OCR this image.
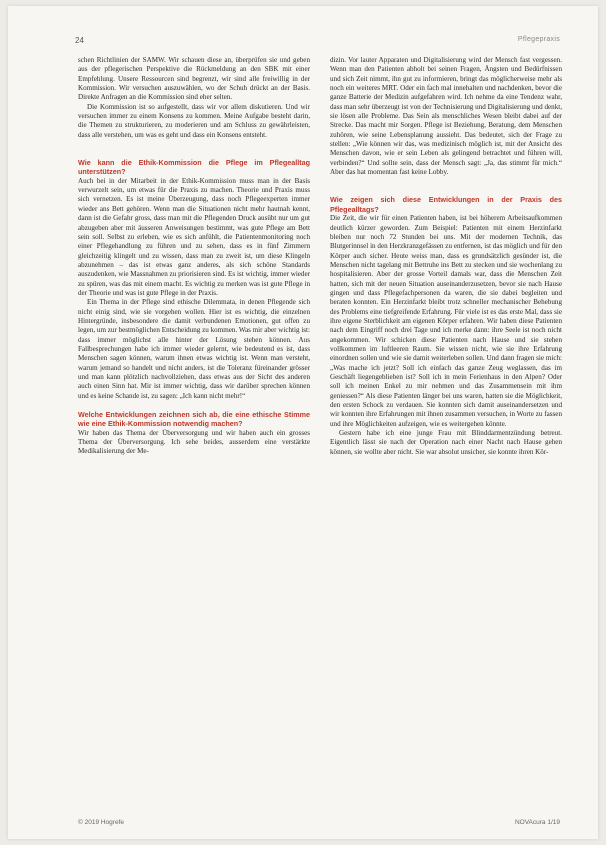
24	Pflegepraxis

schen Richtlinien der SAMW. Wir schauen diese an, überprüfen sie und geben aus der pflegerischen Perspektive die Rückmeldung an den SBK mit einer Empfehlung. Unsere Ressourcen sind begrenzt, wir sind alle freiwillig in der Kommission. Wir versuchen auszuwählen, wo der Schuh drückt an der Basis. Direkte Anfragen an die Kommission sind eher selten.

Die Kommission ist so aufgestellt, dass wir vor allem diskutieren. Und wir versuchen immer zu einem Konsens zu kommen. Meine Aufgabe besteht darin, die Themen zu strukturieren, zu moderieren und am Schluss zu gewährleisten, dass alle verstehen, um was es geht und dass ein Konsens entsteht.

Wie kann die Ethik-Kommission die Pflege im Pflegealltag unterstützen?

Auch bei in der Mitarbeit in der Ethik-Kommission muss man in der Basis verwurzelt sein, um etwas für die Praxis zu machen. Theorie und Praxis muss sich vernetzen. Es ist meine Überzeugung, dass noch Pflegeexperten immer wieder ans Bett gehören. Wenn man die Situationen nicht mehr hautnah kennt, dann ist die Gefahr gross, dass man mit die Pflegenden Druck ausübt nur um gut abzugeben aber mit äusseren Anweisungen bestimmt, was gute Pflege am Bett sein soll. Selbst zu erleben, wie es sich anfühlt, die Patientenmonitoring noch einer Pflegehandlung zu führen und zu sehen, dass es in fünf Zimmern gleichzeitig klingelt und zu wissen, dass man zu zweit ist, um diese Klingeln abzunehmen – das ist etwas ganz anderes, als sich schöne Standards auszudenken, wie Massnahmen zu priorisieren sind. Es ist wichtig, immer wieder zu spüren, was das mit einem macht. Es wichtig zu merken was ist gute Pflege in der Theorie und was ist gute Pflege in der Praxis.

Ein Thema in der Pflege sind ethische Dilemmata, in denen Pflegende sich nicht einig sind, wie sie vorgehen wollen. Hier ist es wichtig, die einzelnen Hintergründe, insbesondere die damit verbundenen Emotionen, gut offen zu legen, um zur bestmöglichen Entscheidung zu kommen. Was mir aber wichtig ist: dass immer möglichst alle hinter der Lösung stehen können. Aus Fallbesprechungen habe ich immer wieder gelernt, wie bedeutend es ist, dass Menschen sagen können, warum ihnen etwas wichtig ist. Wenn man versteht, warum jemand so handelt und nicht anders, ist die Toleranz füreinander grösser und man kann plötzlich nachvollziehen, dass etwas aus der Sicht des anderen auch einen Sinn hat. Mir ist immer wichtig, dass wir darüber sprechen können und es keine Schande ist, zu sagen: „Ich kann nicht mehr!“

Welche Entwicklungen zeichnen sich ab, die eine ethische Stimme wie eine Ethik-Kommission notwendig machen?

Wir haben das Thema der Überversorgung und wir haben auch ein grosses Thema der Überversorgung. Ich sehe beides, ausserdem eine verstärkte Medikalisierung der Me-

dizin. Vor lauter Apparaten und Digitalisierung wird der Mensch fast vergessen. Wenn man den Patienten abholt bei seinen Fragen, Ängsten und Bedürfnissen und sich Zeit nimmt, ihn gut zu informieren, bringt das möglicherweise mehr als noch ein weiteres MRT. Oder ein fach mal innehalten und nachdenken, bevor die ganze Batterie der Medizin aufgefahren wird. Ich nehme da eine Tendenz wahr, dass man sehr überzeugt ist von der Technisierung und Digitalisierung und denkt, sie lösen alle Probleme. Das Sein als menschliches Wesen bleibt dabei auf der Strecke. Das macht mir Sorgen. Pflege ist Beziehung, Beratung, dem Menschen zuhören, wie seine Lebensplanung aussieht. Das bedeutet, sich der Frage zu stellen: „Wie können wir das, was medizinisch möglich ist, mit der Ansicht des Menschen davon, wie er sein Leben als gelingend betrachtet und führen will, verbinden?“ Und sollte sein, dass der Mensch sagt: „Ja, das stimmt für mich.“ Aber das hat momentan fast keine Lobby.

Wie zeigen sich diese Entwicklungen in der Praxis des Pflegealltags?

Die Zeit, die wir für einen Patienten haben, ist bei höherem Arbeitsaufkommen deutlich kürzer geworden. Zum Beispiel: Patienten mit einem Herzinfarkt bleiben nur noch 72 Stunden bei uns. Mit der modernen Technik, das Blutgerinnsel in den Herzkranzgefässen zu entfernen, ist das möglich und für den Körper auch sicher. Heute weiss man, dass es grundsätzlich gesünder ist, die Menschen nicht tagelang mit Bettruhe ins Bett zu stecken und sie wochenlang zu hospitalisieren. Aber der grosse Vorteil damals war, dass die Menschen Zeit hatten, sich mit der neuen Situation auseinanderzusetzen, bevor sie nach Hause gingen und dass Pflegefachpersonen da waren, die sie dabei begleiten und beraten konnten. Ein Herzinfarkt bleibt trotz schneller mechanischer Behebung des Problems eine tiefgreifende Erfahrung. Für viele ist es das erste Mal, dass sie ihre eigene Sterblichkeit am eigenen Körper erfahren. Wir haben diese Patienten nach dem Eingriff noch drei Tage und ich merke dann: ihre Seele ist noch nicht angekommen. Wir schicken diese Patienten nach Hause und sie stehen vollkommen im luftleeren Raum. Sie wissen nicht, wie sie ihre Erfahrung einordnen sollen und wie sie damit weiterleben sollen. Und dann fragen sie mich: „Was mache ich jetzt? Soll ich einfach das ganze Zeug weglassen, das im Geschäft liegengeblieben ist? Soll ich in mein Ferienhaus in den Alpen? Oder soll ich meinen Enkel zu mir nehmen und das Zusammensein mit ihm geniessen?“ Als diese Patienten länger bei uns waren, hatten sie die Möglichkeit, den ersten Schock zu verdauen. Sie konnten sich damit auseinandersetzen und wir konnten ihre Erfahrungen mit ihnen zusammen versuchen, in Worte zu fassen und ihre Möglichkeiten aufzeigen, wie es weitergehen könnte.

Gestern habe ich eine junge Frau mit Blinddarmentzündung betreut. Eigentlich lässt sie nach der Operation nach einer Nacht nach Hause gehen können, sie wollte aber nicht. Sie war absolut unsicher, sie konnte ihren Kör-

© 2019 Hogrefe	NOVAcura 1/19
